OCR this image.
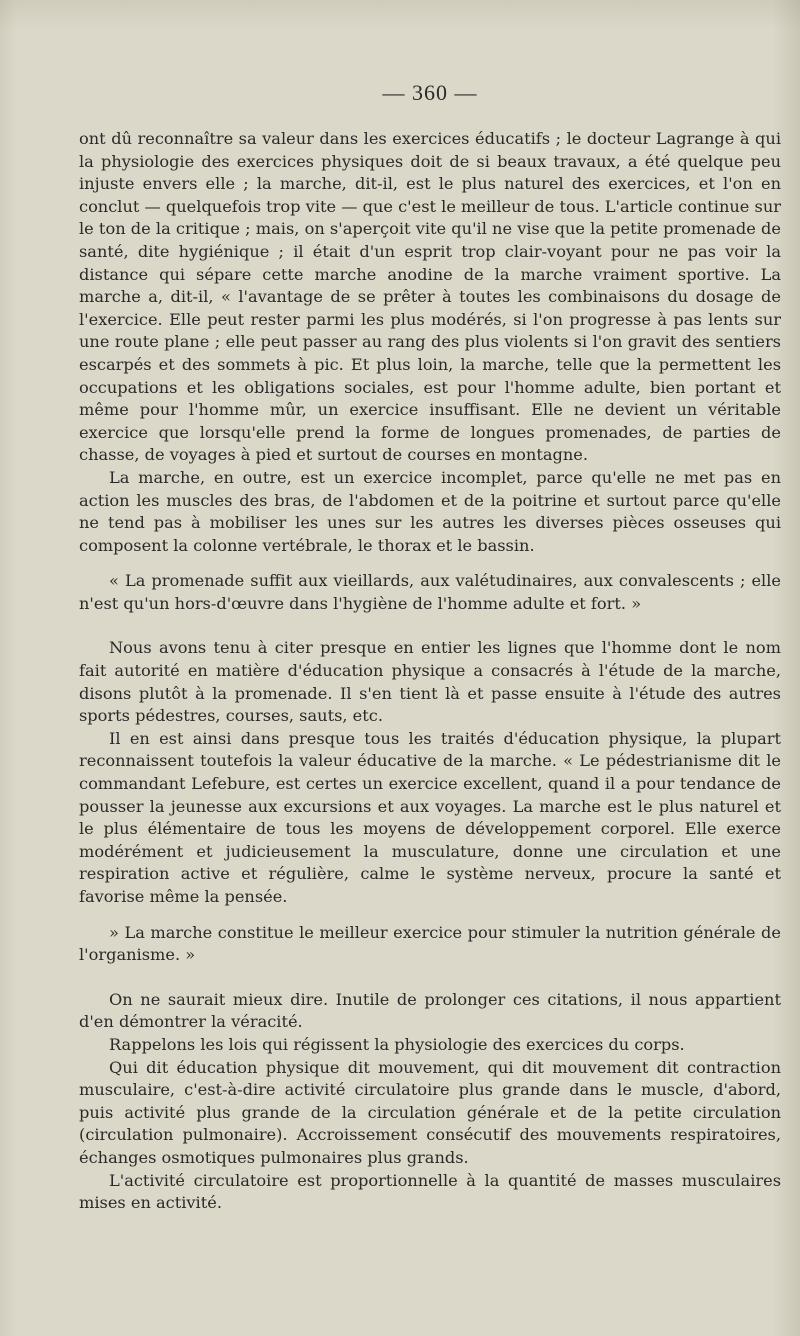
— 360 —

ont dû reconnaître sa valeur dans les exercices éducatifs ; le docteur Lagrange à qui la physiologie des exercices physiques doit de si beaux travaux, a été quelque peu injuste envers elle ; la marche, dit-il, est le plus naturel des exercices, et l'on en conclut — quelquefois trop vite — que c'est le meilleur de tous. L'article continue sur le ton de la critique ; mais, on s'aperçoit vite qu'il ne vise que la petite promenade de santé, dite hygiénique ; il était d'un esprit trop clair-voyant pour ne pas voir la distance qui sépare cette marche anodine de la marche vraiment sportive. La marche a, dit-il, « l'avantage de se prêter à toutes les combinaisons du dosage de l'exercice. Elle peut rester parmi les plus modérés, si l'on progresse à pas lents sur une route plane ; elle peut passer au rang des plus violents si l'on gravit des sentiers escarpés et des sommets à pic. Et plus loin, la marche, telle que la permettent les occupations et les obligations sociales, est pour l'homme adulte, bien portant et même pour l'homme mûr, un exercice insuffisant. Elle ne devient un véritable exercice que lorsqu'elle prend la forme de longues promenades, de parties de chasse, de voyages à pied et surtout de courses en montagne.

La marche, en outre, est un exercice incomplet, parce qu'elle ne met pas en action les muscles des bras, de l'abdomen et de la poitrine et surtout parce qu'elle ne tend pas à mobiliser les unes sur les autres les diverses pièces osseuses qui composent la colonne vertébrale, le thorax et le bassin.

« La promenade suffit aux vieillards, aux valétudinaires, aux convalescents ; elle n'est qu'un hors-d'œuvre dans l'hygiène de l'homme adulte et fort. »

Nous avons tenu à citer presque en entier les lignes que l'homme dont le nom fait autorité en matière d'éducation physique a consacrés à l'étude de la marche, disons plutôt à la promenade. Il s'en tient là et passe ensuite à l'étude des autres sports pédestres, courses, sauts, etc.

Il en est ainsi dans presque tous les traités d'éducation physique, la plupart reconnaissent toutefois la valeur éducative de la marche. « Le pédestrianisme dit le commandant Lefebure, est certes un exercice excellent, quand il a pour tendance de pousser la jeunesse aux excursions et aux voyages. La marche est le plus naturel et le plus élémentaire de tous les moyens de développement corporel. Elle exerce modérément et judicieusement la musculature, donne une circulation et une respiration active et régulière, calme le système nerveux, procure la santé et favorise même la pensée.

» La marche constitue le meilleur exercice pour stimuler la nutrition générale de l'organisme. »

On ne saurait mieux dire. Inutile de prolonger ces citations, il nous appartient d'en démontrer la véracité.

Rappelons les lois qui régissent la physiologie des exercices du corps.

Qui dit éducation physique dit mouvement, qui dit mouvement dit contraction musculaire, c'est-à-dire activité circulatoire plus grande dans le muscle, d'abord, puis activité plus grande de la circulation générale et de la petite circulation (circulation pulmonaire). Accroissement consécutif des mouvements respiratoires, échanges osmotiques pulmonaires plus grands.

L'activité circulatoire est proportionnelle à la quantité de masses musculaires mises en activité.
